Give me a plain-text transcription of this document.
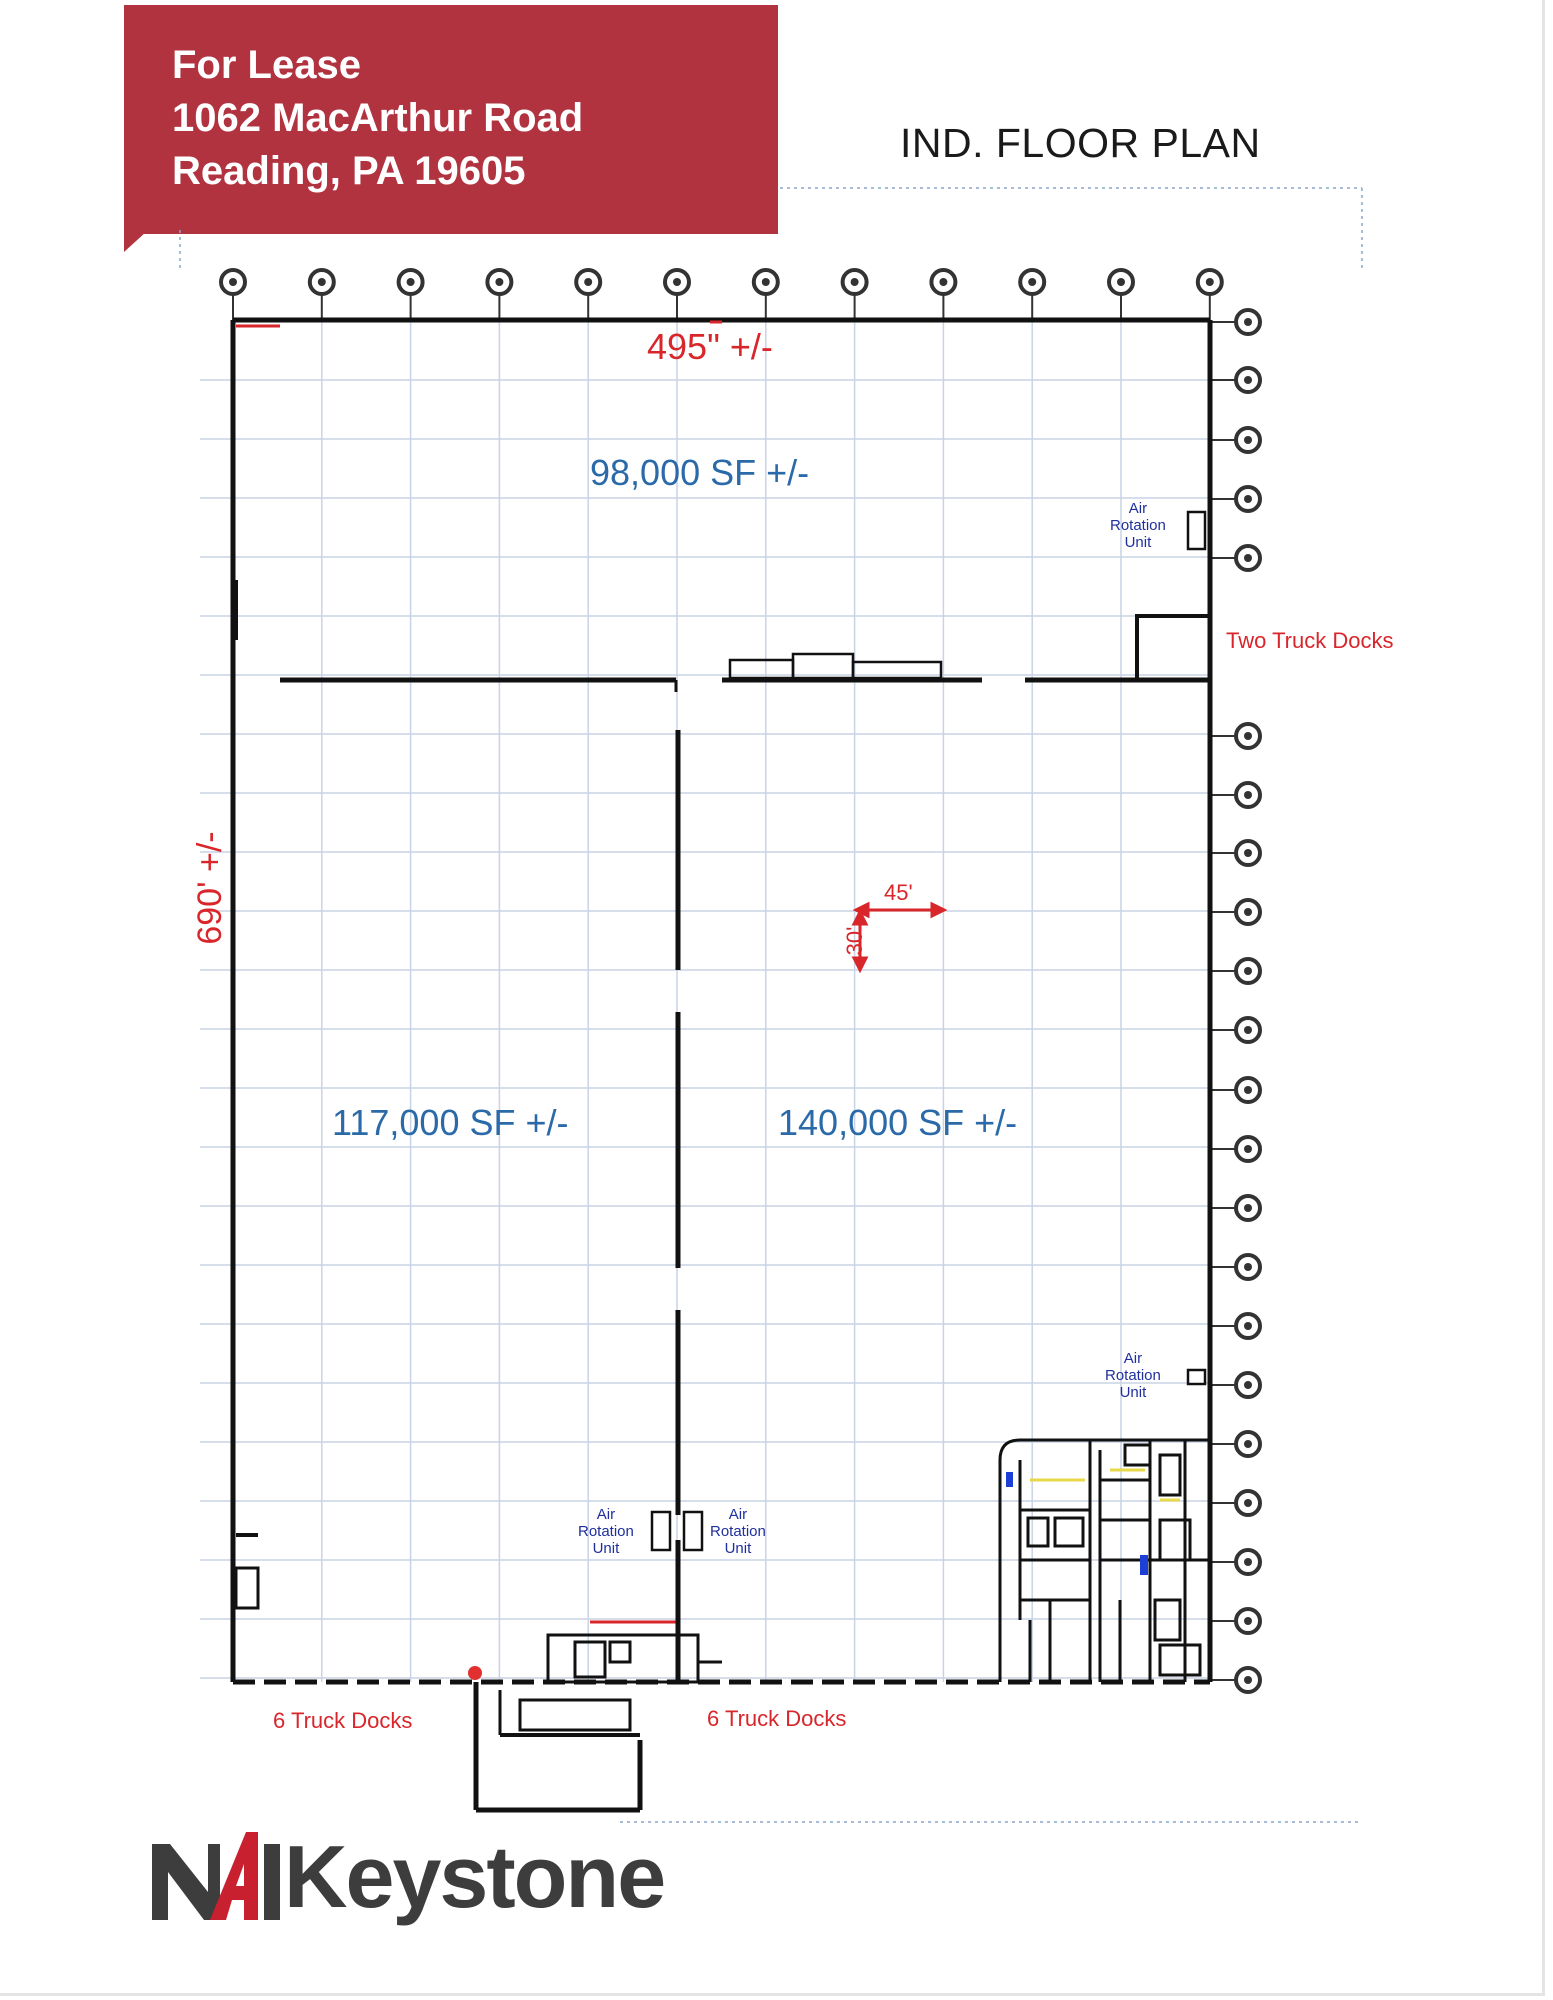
For Lease
1062 MacArthur Road
Reading, PA 19605
IND. FLOOR PLAN
495" +/-
690' +/-	45'
30'
98,000 SF +/-
117,000 SF +/-	140,000 SF +/-
Two Truck Docks
6 Truck Docks	6 Truck Docks
Air
Rotation
Unit
Air
Rotation
Unit
Air
Rotation
Unit
Air
Rotation
Unit
Keystone
